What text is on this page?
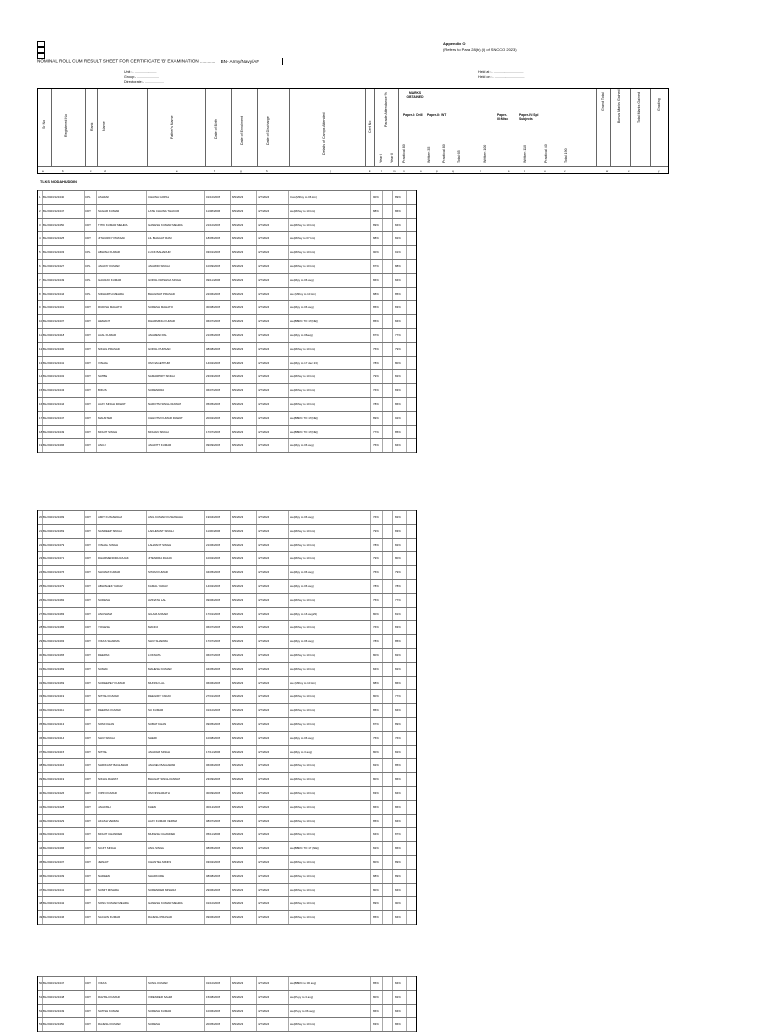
Appendix O
(Refers to Para 28(b) (i) of SNCCO 2023)
NOMINAL ROLL CUM RESULT SHEET FOR CERTIFICATE 'B' EXAMINATION ............ BN- Army/Navy/AF
Unit :- ......................
Group:- ......................
Directorate:- ...................
Held at :- ..............................
Held on :- ..............................
Sr No	Registered No	Rank Name	Father's Name	Date of Birth	Date of Enrolment	Date of Discharge	Details of Camps Attended	Cert No	Parade Attendance %
Year I Year II
MARKS OBTAINED
Paper-I: Drill Paper-II: WT	Paper-III:Misc
Paper-IV:Spl Subjects
Practical 80	Written 35	Practical 80	Total 65	Written 100	Written 110	Practical 40	Total 190
Grand Total	Bonus Marks Gained	Total Marks Gained	Grading
a	b	c	d	e	f	g	h	j	k	l	m	n	o	p	q	r	s	t	u	v	w	x	y
TLKS NODAHUDDIN
1 BL/2023/123440	CPL	ASHFAK	CHAINA GOPAL	01/10/2006	8/9/2023	4/7/2024	Cat-(Mthsy to 06 km)	90%	89%
2 BL/2023/123447	CDT SAGAR KUMAR	LATE CHAINA THAKUR	11/08/2006	8/9/2023	4/7/2024	we(Mthsy to 10 km)	88%	86%
3 BL/2023/123450	CDT TITIK KUMAR MEHRA	GANESH KUMAR MEHRA	21/10/2006	8/9/2023	4/7/2024	we(Mthsy to 10 km)	89%	84%
4 BL/2023/123425	CDT JITHURIFY PRASAD	LIL BHAGAT RAM	18/05/2006	8/9/2023	4/7/2024	we(Mthsy to 07 km)	88%	82%
5 BL/2023/123433	CPL	ABHISH KUMAR	LUCK BAHADUR	03/01/2006	8/9/2023	4/7/2024	we(Mthsy to 10 km)	90%	91%
6 BL/2023/123427	CPL	JAGDIY KUMAR	JAGMIDI SINGH	10/09/2006	8/9/2023	4/7/2024	we(Mthsy to 10 km)	87%	88%
7 BL/2023/123449	CPL	GAURAV KUMAR	GOPAL KRISHNA SINGH	09/11/2006	8/9/2023	4/7/2024	we(Mpy to 06 avg)	86%	84%
8 BL/2023/123444	CPL	SIDHARTH MEHRA	BHAGWAT PRASAD	22/06/2006	8/9/2023	4/7/2024	we (Mthsy to 10 km)	88%	85%
9 BL/2023/123401	CDT RUDISH MAHATO	SURESH MAHATO	30/08/2006	8/9/2023	4/7/2024	we(Mpy to 06 avg)	85%	83%
10 BL/2023/123437	CDT HEMANT	DHARMING KUMAR	06/07/2006	8/9/2023	4/7/2024	we(BBRC TO 17(NE))	85%	84%
11 BL/2023/123418	CDT AJAL KUMAR	JAGMENI PAL	21/05/2006	8/9/2023	4/7/2024	we(Mpy to 06avg)	87%	77%
12 BL/2023/123430	CDT NIKHIL PRASAD	GOPAL PURSAD	08/08/2006	8/9/2023	4/7/2024	we(Mthsy to 10 km)	75%	79%
13 BL/2023/123441	CDT VISHAL	OM NAGETPURI	14/02/2006	8/9/2023	4/7/2024	we(Mpy to 17 dec 23)	78%	80%
14 BL/2023/123432	CDT SATBE	SAMARPRIT SINGH	23/03/2006	8/9/2023	4/7/2024	we(Mthsy to 10 km)	79%	82%
15 BL/2023/123443	CDT BIKUS	SURENDRA	06/07/2006	8/9/2023	4/7/2024	we(Mthsy to 10 km)	76%	83%
16 BL/2023/123444	CDT AJAY SINGH RAWAT	NAROTM SINGH RAWAT	05/05/2006	8/9/2023	4/7/2024	we(Mthsy to 10 km)	78%	86%
17 BL/2023/123447	CDT MAHSTER	CHHOTM KUMAR RAWAT	20/02/2006	8/9/2023	4/7/2024	we(BBRC TO 17(NE))	89%	92%
18 BL/2023/123449	CDT MOHIT SINGH	MOHAN SINGH	17/07/2006	8/9/2023	4/7/2024	we(BBRC TO 17(NE))	77%	85%
19 BL/2023/123496	CDT ANUJ	JAGRITT KUMAR	09/09/2006	8/9/2023	4/7/2024	we(Mpy to 06 avg)	75%	84%
20 BL/2023/123499	CDT AMIT KUSHWAHA	ANIL KUMAR KUSHWAHA	19/04/2006	8/9/2023	4/7/2024	we(Mpy to 06 avg)	76%	82%
21 BL/2023/123469	CDT SANDEEP SINGH	LAKHMANT SINGH	11/06/2006	8/9/2023	4/7/2024	we(Mthsy to 10 km)	79%	83%
22 BL/2023/123479	CDT VISHAL SINGH	LALWANT SINGH	21/06/2006	8/9/2023	4/7/2024	we(Mthsy to 10 km)	78%	82%
23 BL/2023/123471	CDT DHARMENDRA RAJAK	JITENDRA RAJAK	10/02/2006	8/9/2023	4/7/2024	we(Mthsy to 10 km)	79%	80%
24 BL/2023/123476	CDT SHIVAM KUMAR	SITAM KUMAR	04/05/2006	8/9/2023	4/7/2024	we(Mpy to 06 avg)	75%	79%
25 BL/2023/123479	CDT ABHISHEK YADAV	KAMAL YADAV	14/02/2006	8/9/2023	4/7/2024	we(Mpy to 06 avg)	78%	78%
26 BL/2023/123482	CDT SUDESH	AVINATH LAL	09/06/2006	8/9/2023	4/7/2024	we(Mthsy to 10 km)	75%	77%
27 BL/2023/123483	CDT ANUSHMA	GILAM ANSARI	17/01/2006	8/9/2023	4/7/2024	we(Mpy to 16 avg23)	80%	81%
28 BL/2023/123486	CDT YOGESH	MANOJ	06/07/2006	8/9/2023	4/7/2024	we(Mthsy to 10 km)	76%	83%
29 BL/2023/123493	CDT VIKAS SHARMA	SHIV SHARMA	17/07/2006	8/9/2023	4/7/2024	we(Mpy to 06 avg)	78%	85%
30 BL/2023/123465	CDT DEEPAK	LOKNATH	06/07/2006	8/9/2023	4/7/2024	we(Mthsy to 10 km)	80%	82%
31 BL/2023/123469	CDT SUMAN	MAHESH KUMAR	04/05/2006	8/9/2023	4/7/2024	we(Mthsy to 10 km)	84%	82%
32 BL/2023/123469	CDT SUDEEPEY KUMAR	MUNNU LAL	06/06/2006	8/9/2023	4/7/2024	we (Mthsy to 10 km)	88%	86%
33 BL/2023/123419	CDT NITISH KUMAR	DEEGIRY YADAV	27/01/2006	8/9/2023	4/7/2024	we(Mthsy to 10 km)	80%	77%
34 BL/2023/123411	CDT DEEPAK KUMAR	SU KUMAR	01/10/2006	8/9/2023	4/7/2024	we(Mthsy to 10 km)	85%	84%
35 BL/2023/123413	CDT SOMI KHAN	SUBAT KHAN	09/05/2006	8/9/2023	4/7/2024	we(Mthsy to 10 km)	87%	89%
36 BL/2023/123414	CDT SHIV SINGH	SHERI	10/08/2006	8/9/2023	4/7/2024	we(Mpy to 06 avg)	75%	76%
37 BL/2023/123415	CDT NITISH	JAGRAM SINGH	17/11/2006	8/9/2023	4/7/2024	we(Mpy to 3 avg)	80%	82%
38 BL/2023/123416	CDT SHRIKANT BAGHWAR	JAGNEU BAGHWAR	06/06/2006	8/9/2023	4/7/2024	we(Mthsy to 10 km)	82%	85%
39 BL/2023/123419	CDT NIKHIL RAWAT	BHAGAT SINGH RAWAT	23/09/2006	8/9/2023	4/7/2024	we(Mthsy to 10 km)	80%	86%
40 BL/2023/123426	CDT VIPIN KUMAR	OM NISSARATH	30/09/2006	8/9/2023	4/7/2024	we(Mthsy to 10 km)	83%	84%
41 BL/2023/123428	CDT JAGDISH	KHEM	30/12/2006	8/9/2023	4/7/2024	we(Mthsy to 10 km)	86%	86%
42 BL/2023/123429	CDT AKASH VERMA	AJAY KUMAR VERMA	08/07/2006	8/9/2023	4/7/2024	we(Mthsy to 10 km)	85%	84%
43 BL/2023/123432	CDT MOHIT CHANDER	MUKESH CHANDER	05/11/2006	8/9/2023	4/7/2024	we(Mthsy to 10 km)	84%	87%
44 BL/2023/123496	CDT SUJIT SINGH	ANIL SINGH	08/05/2006	8/9/2023	4/7/2024	we(BBRC TO 17 (NE))	82%	86%
45 BL/2023/123437	CDT JEINAIT	CHANTEL MINKS	03/02/2006	8/9/2023	4/7/2024	we(Mthsy to 10 km)	80%	89%
46 BL/2023/123439	CDT NADEEM	SHADKURE	08/08/2006	8/9/2023	4/7/2024	we(Mthsy to 10 km)	88%	89%
47 BL/2023/123441	CDT SUMIT MISHRA	SURENDER MISHRA	29/06/2006	8/9/2023	4/7/2024	we(Mthsy to 10 km)	80%	84%
48 BL/2023/123442	CDT SONU KUMAR MEHRA	GANESH KUMAR MEHRA	01/10/2006	8/9/2023	4/7/2024	we(Mthsy to 10 km)	89%	90%
49 BL/2023/123446	CDT SACHIN KUMAR	RAJESH PRASAD	09/06/2006	8/9/2023	4/7/2024	we(Mthsy to 10 km)	85%	84%
50 BL/2023/123447	CDT VIKAS	SUNIL KUMAR	01/10/2006	8/9/2023	4/7/2024	we(BBRC to 06 avg)	85%	84%
51 BL/2023/123448	CDT RAVISH KUMAR	VIRENDER SAHM	15/08/2006	8/9/2023	4/7/2024	we(PLpy to 3 avg)	80%	82%
52 BL/2023/123449	CDT SATISH KUMAR	SURESH KUMAR	10/06/2006	8/9/2023	4/7/2024	we(PLpy to 06 avg)	86%	84%
53 BL/2023/123450	CDT RAJESH KUMAR	SURESH	20/05/2006	8/9/2023	4/7/2024	we(Mthsy to 10 km)	83%	86%
